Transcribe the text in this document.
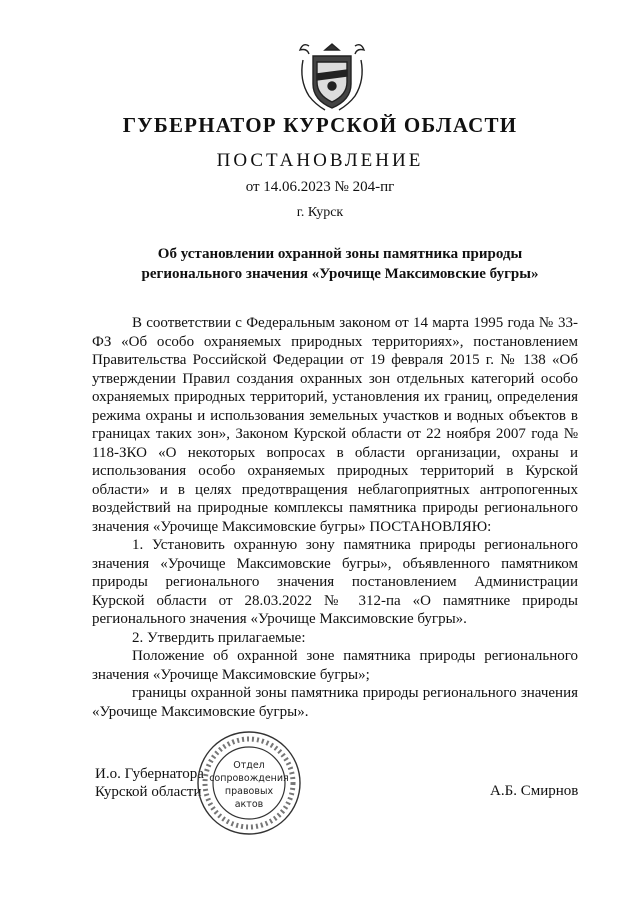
ГУБЕРНАТОР КУРСКОЙ ОБЛАСТИ
ПОСТАНОВЛЕНИЕ
от 14.06.2023 № 204-пг
г. Курск
Об установлении охранной зоны памятника природы
регионального значения «Урочище Максимовские бугры»

В соответствии с Федеральным законом от 14 марта 1995 года № 33-ФЗ «Об особо охраняемых природных территориях», постановлением Правительства Российской Федерации от 19 февраля 2015 г. № 138 «Об утверждении Правил создания охранных зон отдельных категорий особо охраняемых природных территорий, установления их границ, определения режима охраны и использования земельных участков и водных объектов в границах таких зон», Законом Курской области от 22 ноября 2007 года № 118-ЗКО «О некоторых вопросах в области организации, охраны и использования особо охраняемых природных территорий в Курской области» и в целях предотвращения неблагоприятных антропогенных воздействий на природные комплексы памятника природы регионального значения «Урочище Максимовские бугры» ПОСТАНОВЛЯЮ:

1. Установить охранную зону памятника природы регионального значения «Урочище Максимовские бугры», объявленного памятником природы регионального значения постановлением Администрации Курской области от 28.03.2022 № 312-па «О памятнике природы регионального значения «Урочище Максимовские бугры».

2. Утвердить прилагаемые:

Положение об охранной зоне памятника природы регионального значения «Урочище Максимовские бугры»;

границы охранной зоны памятника природы регионального значения «Урочище Максимовские бугры».

И.о. Губернатора
Курской области	А.Б. Смирнов
Отдел
сопровождения
правовых
актов
